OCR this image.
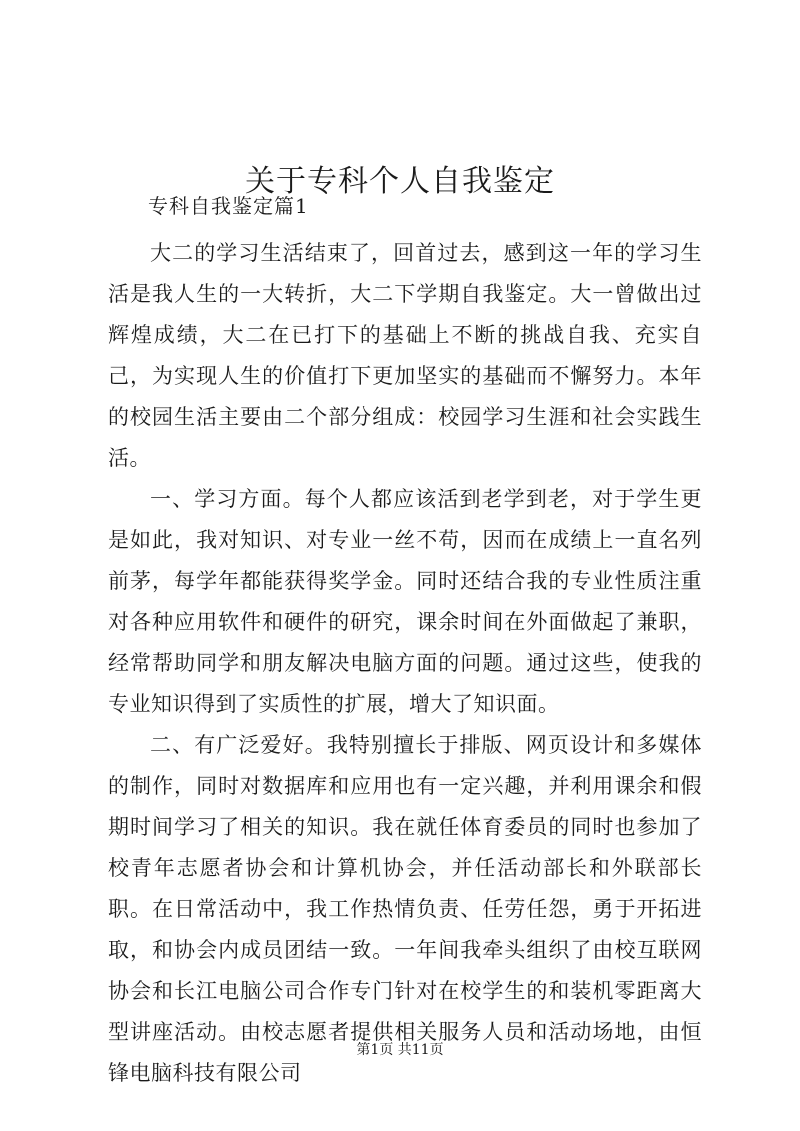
关于专科个人自我鉴定
专科自我鉴定篇1

大二的学习生活结束了，回首过去，感到这一年的学习生活是我人生的一大转折，大二下学期自我鉴定。大一曾做出过辉煌成绩，大二在已打下的基础上不断的挑战自我、充实自己，为实现人生的价值打下更加坚实的基础而不懈努力。本年的校园生活主要由二个部分组成：校园学习生涯和社会实践生活。

一、学习方面。每个人都应该活到老学到老，对于学生更是如此，我对知识、对专业一丝不苟，因而在成绩上一直名列前茅，每学年都能获得奖学金。同时还结合我的专业性质注重对各种应用软件和硬件的研究，课余时间在外面做起了兼职，经常帮助同学和朋友解决电脑方面的问题。通过这些，使我的专业知识得到了实质性的扩展，增大了知识面。

二、有广泛爱好。我特别擅长于排版、网页设计和多媒体的制作，同时对数据库和应用也有一定兴趣，并利用课余和假期时间学习了相关的知识。我在就任体育委员的同时也参加了校青年志愿者协会和计算机协会，并任活动部长和外联部长职。在日常活动中，我工作热情负责、任劳任怨，勇于开拓进取，和协会内成员团结一致。一年间我牵头组织了由校互联网协会和长江电脑公司合作专门针对在校学生的和装机零距离大型讲座活动。由校志愿者提供相关服务人员和活动场地，由恒锋电脑科技有限公司

第1页 共11页
